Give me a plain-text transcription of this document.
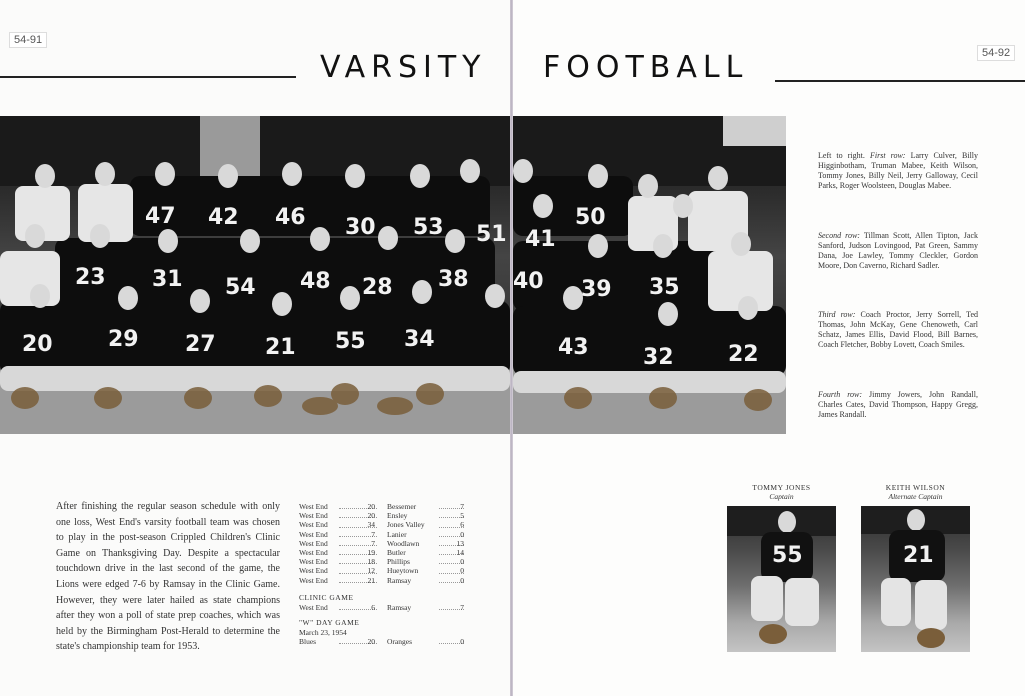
54-91
VARSITY
47 42 46 30 53 51
23 31 54 48 28 38
20	29 27 21 55 34
After finishing the regular season schedule with only one loss, West End's varsity football team was chosen to play in the post-season Crippled Children's Clinic Game on Thanksgiving Day. Despite a spectacular touchdown drive in the last second of the game, the Lions were edged 7-6 by Ramsay in the Clinic Game. However, they were later hailed as state champions after they won a poll of state prep coaches, which was held by the Birmingham Post-Herald to determine the state's championship team for 1953.
West End	20	Bessemer	7
West End	20	Ensley	5
West End	34	Jones Valley	6
West End	7	Lanier	0
West End	7	Woodlawn	13
West End	19	Butler	14
West End	18	Phillips	0
West End	12	Hueytown	0
West End	21	Ramsay	0
CLINIC GAME
West End	6	Ramsay	7
"W" DAY GAME
March 23, 1954
Blues	20	Oranges	0
54-92
FOOTBALL
41
50
40 39 35
43 32 22
Left to right. First row: Larry Culver, Billy Higginbotham, Truman Mabee, Keith Wilson, Tommy Jones, Billy Neil, Jerry Galloway, Cecil Parks, Roger Woolsteen, Douglas Mabee.
Second row: Tillman Scott, Allen Tipton, Jack Sanford, Judson Lovingood, Pat Green, Sammy Dana, Joe Lawley, Tommy Cleckler, Gordon Moore, Don Caverno, Richard Sadler.
Third row: Coach Proctor, Jerry Sorrell, Ted Thomas, John McKay, Gene Chenoweth, Carl Schatz, James Ellis, David Flood, Bill Barnes, Coach Fletcher, Bobby Lovett, Coach Smiles.
Fourth row: Jimmy Jowers, John Randall, Charles Cates, David Thompson, Happy Gregg, James Randall.
TOMMY JONES
Captain
55
KEITH WILSON
Alternate Captain
21
